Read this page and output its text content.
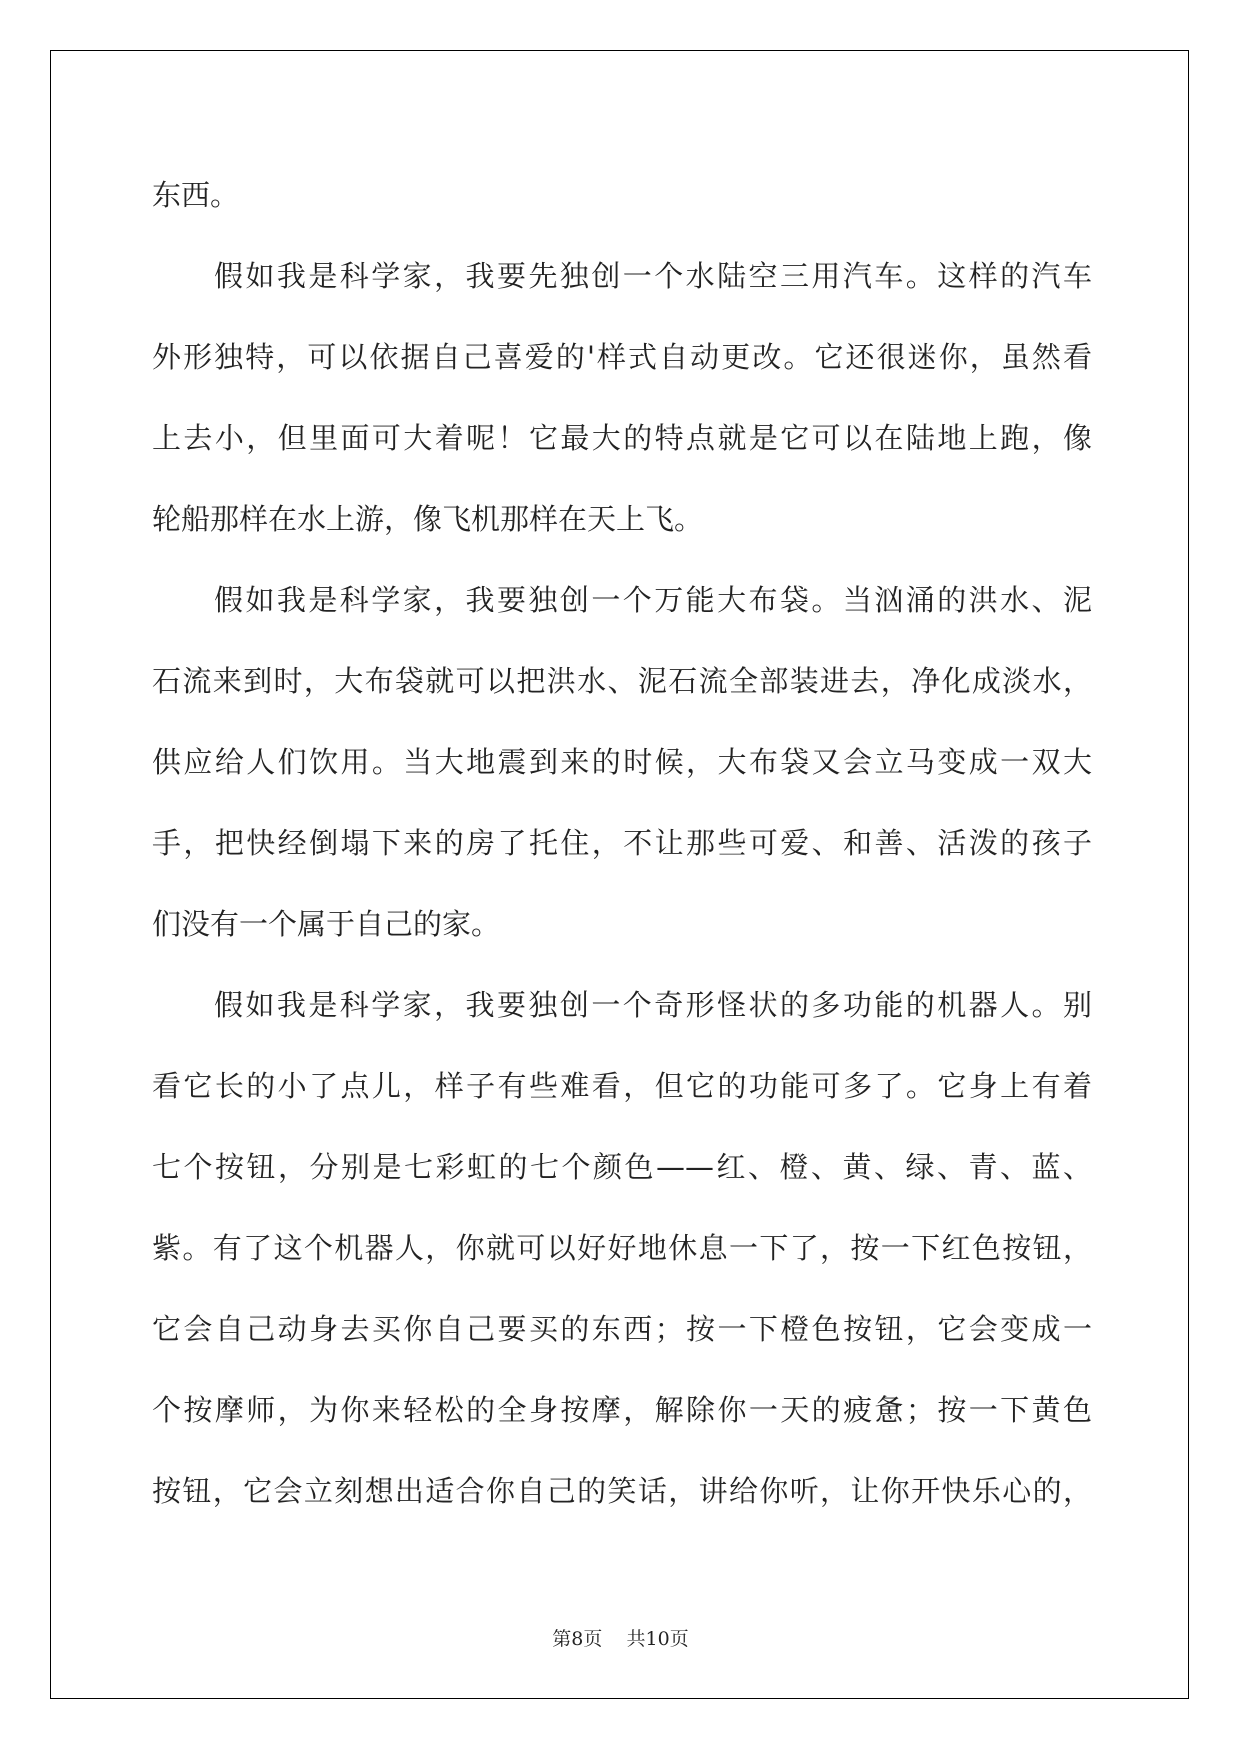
东西。
假如我是科学家，我要先独创一个水陆空三用汽车。这样的汽车
外形独特，可以依据自己喜爱的'样式自动更改。它还很迷你，虽然看
上去小，但里面可大着呢！它最大的特点就是它可以在陆地上跑，像
轮船那样在水上游，像飞机那样在天上飞。
假如我是科学家，我要独创一个万能大布袋。当汹涌的洪水、泥
石流来到时，大布袋就可以把洪水、泥石流全部装进去，净化成淡水，
供应给人们饮用。当大地震到来的时候，大布袋又会立马变成一双大
手，把快经倒塌下来的房了托住，不让那些可爱、和善、活泼的孩子
们没有一个属于自己的家。
假如我是科学家，我要独创一个奇形怪状的多功能的机器人。别
看它长的小了点儿，样子有些难看，但它的功能可多了。它身上有着
七个按钮，分别是七彩虹的七个颜色——红、橙、黄、绿、青、蓝、
紫。有了这个机器人，你就可以好好地休息一下了，按一下红色按钮，
它会自己动身去买你自己要买的东西；按一下橙色按钮，它会变成一
个按摩师，为你来轻松的全身按摩，解除你一天的疲惫；按一下黄色
按钮，它会立刻想出适合你自己的笑话，讲给你听，让你开快乐心的，
第8页 共10页
